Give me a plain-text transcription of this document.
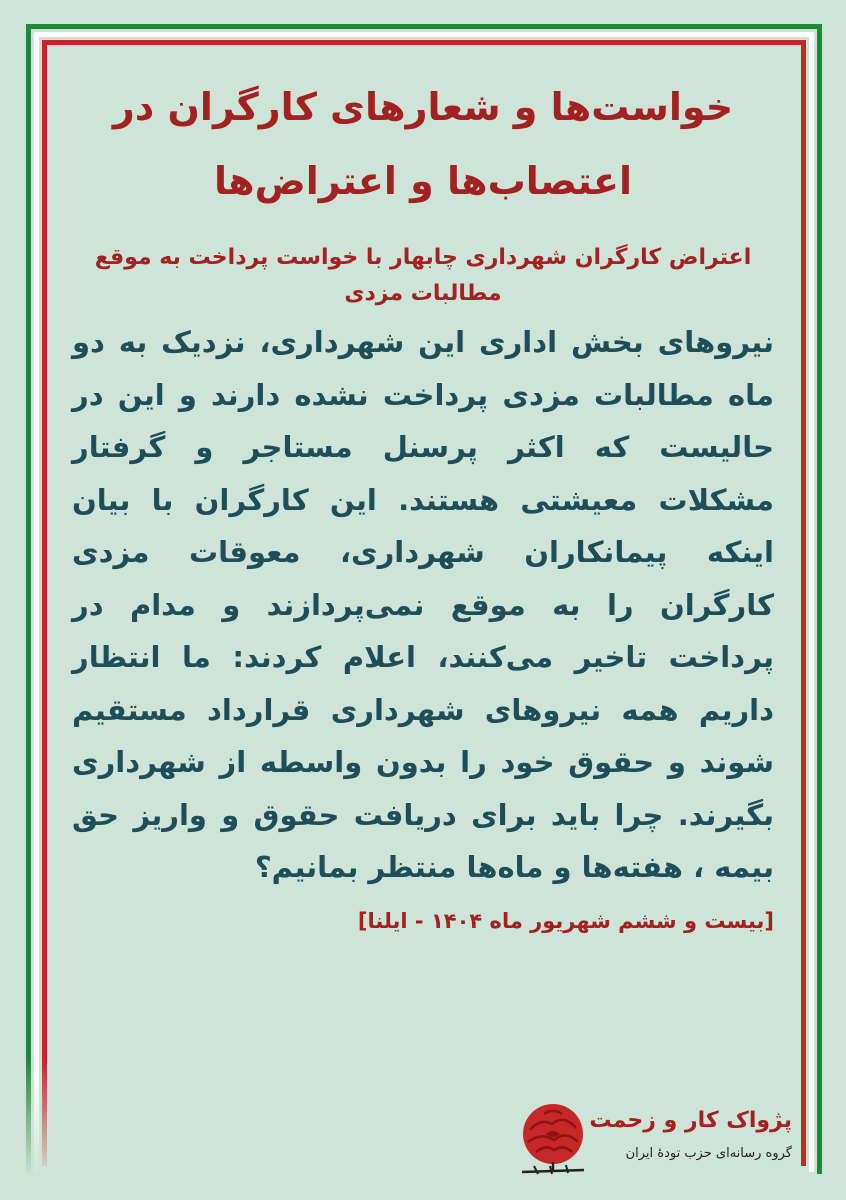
خواست‌ها و شعارهای کارگران در
اعتصاب‌ها و اعتراض‌ها

اعتراض کارگران شهرداری چابهار با خواست پرداخت به موقع مطالبات مزدی

نیروهای بخش اداری این شهرداری، نزدیک به دو ماه مطالبات مزدی پرداخت نشده دارند و این در حالیست که اکثر پرسنل مستاجر و گرفتار مشکلات معیشتی هستند. این کارگران با بیان اینکه پیمانکاران شهرداری، معوقات مزدی کارگران را به موقع نمی‌پردازند و مدام در پرداخت تاخیر می‌کنند، اعلام کردند: ما انتظار داریم همه نیروهای شهرداری قرارداد مستقیم شوند و حقوق خود را بدون واسطه از شهرداری بگیرند. چرا باید برای دریافت حقوق و واریز حق بیمه ، هفته‌ها و ماه‌ها منتظر بمانیم؟

[بیست و ششم شهریور ماه ۱۴۰۴ - ایلنا]

پژواک کار و زحمت
گروه رسانه‌ای حزب تودهٔ ایران
